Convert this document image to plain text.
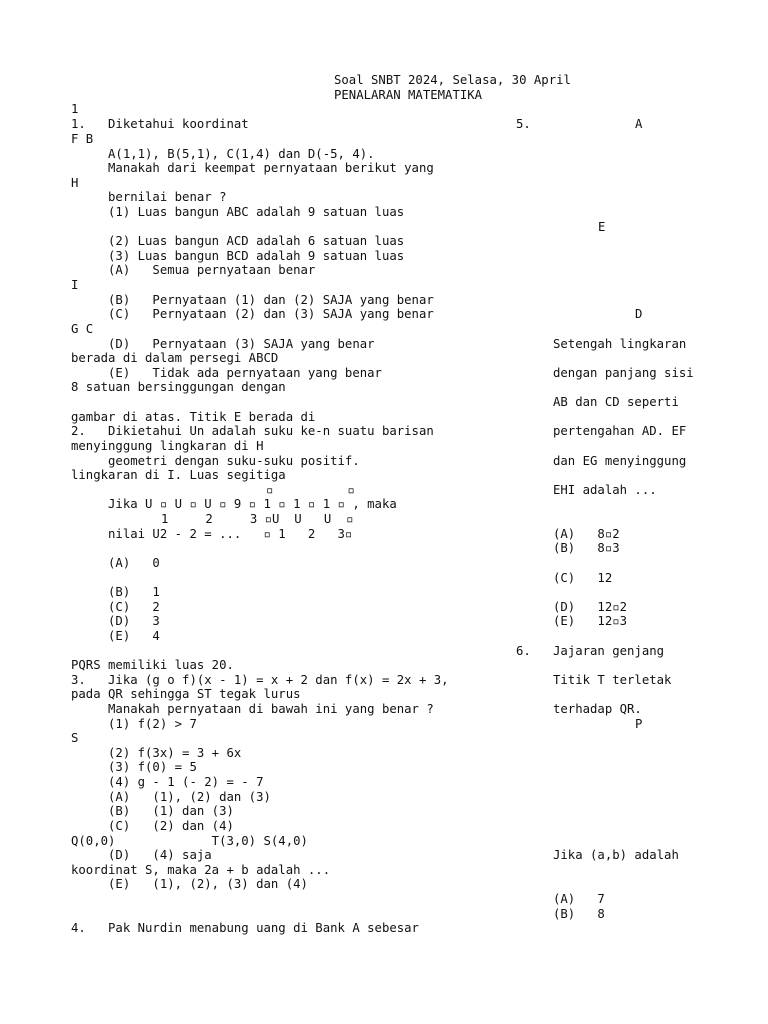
Soal SNBT 2024, Selasa, 30 April
PENALARAN MATEMATIKA
1
1.   Diketahui koordinat	5.	A
F B
A(1,1), B(5,1), C(1,4) dan D(-5, 4).
Manakah dari keempat pernyataan berikut yang
H
bernilai benar ?
(1) Luas bangun ABC adalah 9 satuan luas
E
(2) Luas bangun ACD adalah 6 satuan luas
(3) Luas bangun BCD adalah 9 satuan luas
(A)   Semua pernyataan benar
I
(B)   Pernyataan (1) dan (2) SAJA yang benar
(C)   Pernyataan (2) dan (3) SAJA yang benar	D
G C
(D)   Pernyataan (3) SAJA yang benar	Setengah lingkaran
berada di dalam persegi ABCD
(E)   Tidak ada pernyataan yang benar	dengan panjang sisi
8 satuan bersinggungan dengan
AB dan CD seperti
gambar di atas. Titik E berada di
2.   Dikietahui Un adalah suku ke-n suatu barisan	pertengahan AD. EF
menyinggung lingkaran di H
geometri dengan suku-suku positif.	dan EG menyinggung
lingkaran di I. Luas segitiga
▫          ▫	EHI adalah ...
Jika U ▫ U ▫ U ▫ 9 ▫ 1 ▫ 1 ▫ 1 ▫ , maka
1     2     3 ▫U  U   U  ▫
nilai U2 - 2 = ...   ▫ 1   2   3▫	(A)   8▫2
(B)   8▫3
(A)   0
(C)   12
(B)   1
(C)   2	(D)   12▫2
(D)   3	(E)   12▫3
(E)   4
6.   Jajaran genjang
PQRS memiliki luas 20.
3.   Jika (g o f)(x - 1) = x + 2 dan f(x) = 2x + 3,	Titik T terletak
pada QR sehingga ST tegak lurus
Manakah pernyataan di bawah ini yang benar ?	terhadap QR.
(1) f(2) > 7	P
S
(2) f(3x) = 3 + 6x
(3) f(0) = 5
(4) g - 1 (- 2) = - 7
(A)   (1), (2) dan (3)
(B)   (1) dan (3)
(C)   (2) dan (4)
Q(0,0)             T(3,0) S(4,0)
(D)   (4) saja	Jika (a,b) adalah
koordinat S, maka 2a + b adalah ...
(E)   (1), (2), (3) dan (4)
(A)   7
(B)   8
4.   Pak Nurdin menabung uang di Bank A sebesar
